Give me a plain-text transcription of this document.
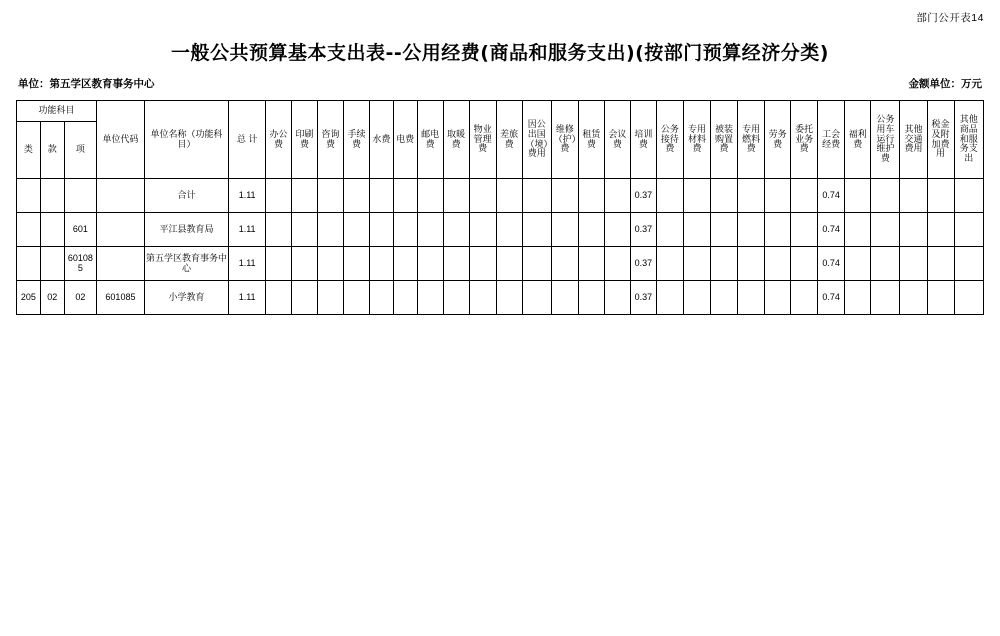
部门公开表14
一般公共预算基本支出表--公用经费(商品和服务支出)(按部门预算经济分类)
单位：第五学区教育事务中心	金额单位：万元
功能科目			单位代码	单位名称（功能科目）	总 计	办公费	印刷费	咨询费	手续费	水费	电费	邮电费	取暖费	物业管理费	差旅费	因公出国（境）费用	维修（护）费	租赁费	会议费	培训费	公务接待费	专用材料费	被装购置费	专用燃料费	劳务费	委托业务费	工会经费	福利费	公务用车运行维护费	其他交通费用	税金及附加费用	其他商品和服务支出

类	款	项																														
				合计	1.11															0.37							0.74					
		601		平江县教育局	1.11															0.37							0.74					
		601085		第五学区教育事务中心	1.11															0.37							0.74					
205	02	02	601085	小学教育	1.11															0.37							0.74					
